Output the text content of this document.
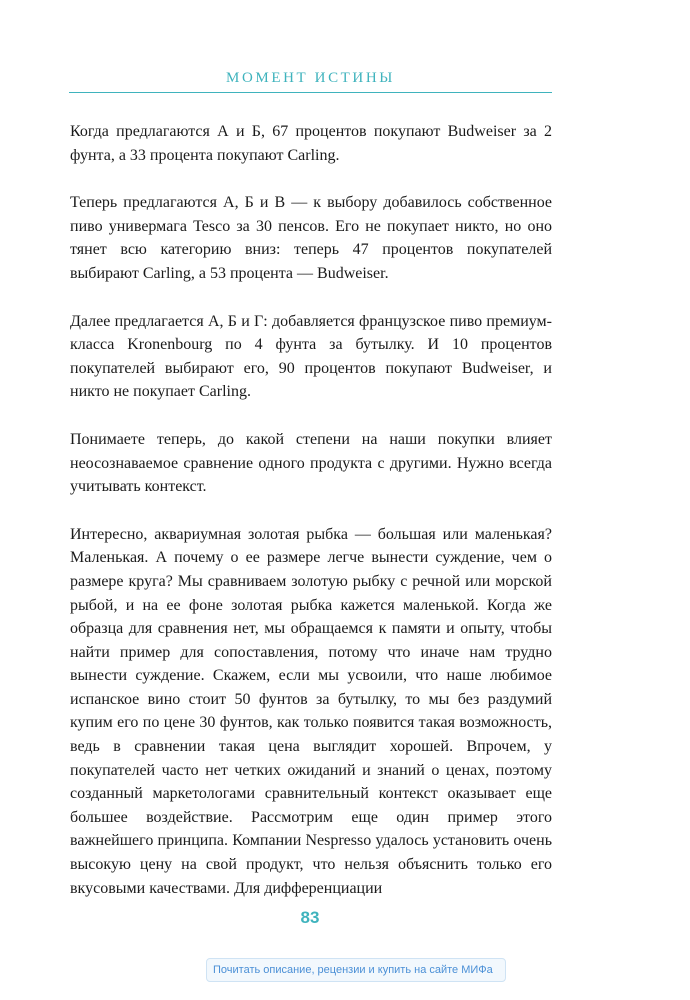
МОМЕНТ ИСТИНЫ

Когда предлагаются А и Б, 67 процентов покупают Budweiser за 2 фунта, а 33 процента покупают Carling.

Теперь предлагаются А, Б и В — к выбору добавилось собственное пиво универмага Tesco за 30 пенсов. Его не покупает никто, но оно тянет всю категорию вниз: теперь 47 процентов покупателей выбирают Carling, а 53 процента — Budweiser.

Далее предлагается А, Б и Г: добавляется французское пиво премиум-класса Kronenbourg по 4 фунта за бутылку. И 10 процентов покупателей выбирают его, 90 процентов покупают Budweiser, и никто не покупает Carling.

Понимаете теперь, до какой степени на наши покупки влияет неосознаваемое сравнение одного продукта с другими. Нужно всегда учитывать контекст.

Интересно, аквариумная золотая рыбка — большая или маленькая? Маленькая. А почему о ее размере легче вынести суждение, чем о размере круга? Мы сравниваем золотую рыбку с речной или морской рыбой, и на ее фоне золотая рыбка кажется маленькой. Когда же образца для сравнения нет, мы обращаемся к памяти и опыту, чтобы найти пример для сопоставления, потому что иначе нам трудно вынести суждение. Скажем, если мы усвоили, что наше любимое испанское вино стоит 50 фунтов за бутылку, то мы без раздумий купим его по цене 30 фунтов, как только появится такая возможность, ведь в сравнении такая цена выглядит хорошей. Впрочем, у покупателей часто нет четких ожиданий и знаний о ценах, поэтому созданный маркетологами сравнительный контекст оказывает еще большее воздействие. Рассмотрим еще один пример этого важнейшего принципа. Компании Nespresso удалось установить очень высокую цену на свой продукт, что нельзя объяснить только его вкусовыми качествами. Для дифференциации

83
Почитать описание, рецензии и купить на сайте МИФа
